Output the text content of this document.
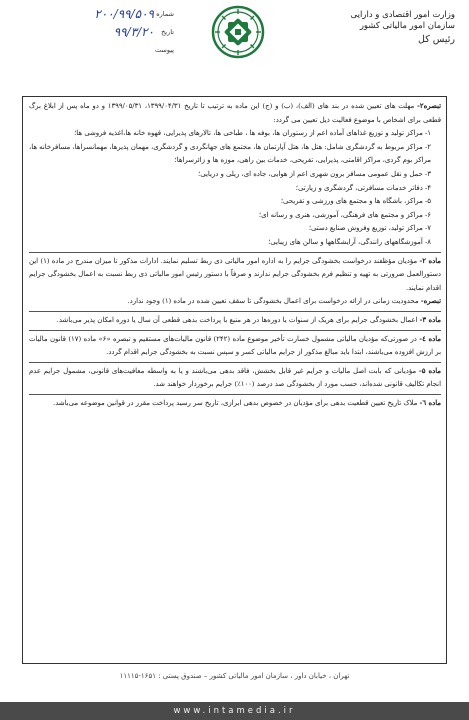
شماره
۲۰۰/۹۹/۵۰۹
تاریخ
۹۹/۳/۲۰
پیوست
وزارت امور اقتصادی و دارایی
سازمان امور مالیاتی کشور
رئیس کل

تبصره۲- مهلت های تعیین شده در بند های (الف)، (ب) و (ج) این ماده به ترتیب تا تاریخ ۱۳۹۹/۰۴/۳۱، ۱۳۹۹/۰۵/۳۱ و دو ماه پس از ابلاغ برگ قطعی برای اشخاص با موضوع فعالیت ذیل تعیین می گردد:

۱- مراکز تولید و توزیع غذاهای آماده اعم از رستوران ها، بوفه ها ، طباخی ها، تالارهای پذیرایی، قهوه خانه ها،اغذیه فروشی ها؛

۲- مراکز مربوط به گردشگری شامل: هتل ها، هتل آپارتمان ها، مجتمع های جهانگردی و گردشگری، مهمان پذیرها، مهمانسراها، مسافرخانه ها، مراکز بوم گردی، مراکز اقامتی، پذیرایی، تفریحی، خدمات بین راهی، موزه ها و زائرسراها؛

۳- حمل و نقل عمومی مسافر برون شهری اعم از هوایی، جاده ای، ریلی و دریایی؛

۴- دفاتر خدمات مسافرتی، گردشگری و زیارتی؛

۵- مراکز، باشگاه ها و مجتمع های ورزشی و تفریحی؛

۶- مراکز و مجتمع های فرهنگی، آموزشی، هنری و رسانه ای؛

۷- مراکز تولید، توزیع وفروش صنایع دستی؛

۸- آموزشگاههای رانندگی، آرایشگاهها و سالن های زیبایی؛

ماده ۲- مؤدیان مؤظفند درخواست بخشودگی جرایم را به اداره امور مالیاتی ذی ربط تسلیم نمایند. ادارات مذکور تا میزان مندرج در ماده (۱) این دستورالعمل ضرورتی به تهیه و تنظیم فرم بخشودگی جرایم ندارند و صرفاً با دستور رئیس امور مالیاتی ذی ربط نسبت به اعمال بخشودگی جرایم اقدام نمایند.

تبصره- محدودیت زمانی در ارائه درخواست برای اعمال بخشودگی تا سقف تعیین شده در ماده (۱) وجود ندارد.

ماده ۳- اعمال بخشودگی جرایم برای هریک از سنوات یا دوره‌ها در هر منبع با پرداخت بدهی قطعی آن سال یا دوره امکان پذیر می‌باشد.

ماده ٤- در صورتی‌که مؤدیان مالیاتی مشمول خسارت تأخیر موضوع ماده (۲۴۲) قانون مالیات‌های مستقیم و تبصره «۶» ماده (۱۷) قانون مالیات بر ارزش افزوده می‌باشند، ابتدا باید مبالغ مذکور از جرایم مالیاتی کسر و سپس نسبت به بخشودگی جرایم اقدام گردد.

ماده ۵- مؤدیانی که بابت اصل مالیات و جرایم غیر قابل بخشش، فاقد بدهی می‌باشند و یا به واسطه معافیت‌های قانونی، مشمول جرایم عدم انجام تکالیف قانونی شده‌اند، حسب مورد از بخشودگی صد درصد (۱۰۰٪) جرایم برخوردار خواهند شد.

ماده ٦- ملاک تاریخ تعیین قطعیت بدهی برای مؤدیان در خصوص بدهی ابرازی، تاریخ سر رسید پرداخت مقرر در قوانین موضوعه می‌باشد.

تهران ، خیابان داور ، سازمان امور مالیاتی کشور – صندوق پستی : ۱۶۵۱-۱۱۱۱۵
www.intamedia.ir
